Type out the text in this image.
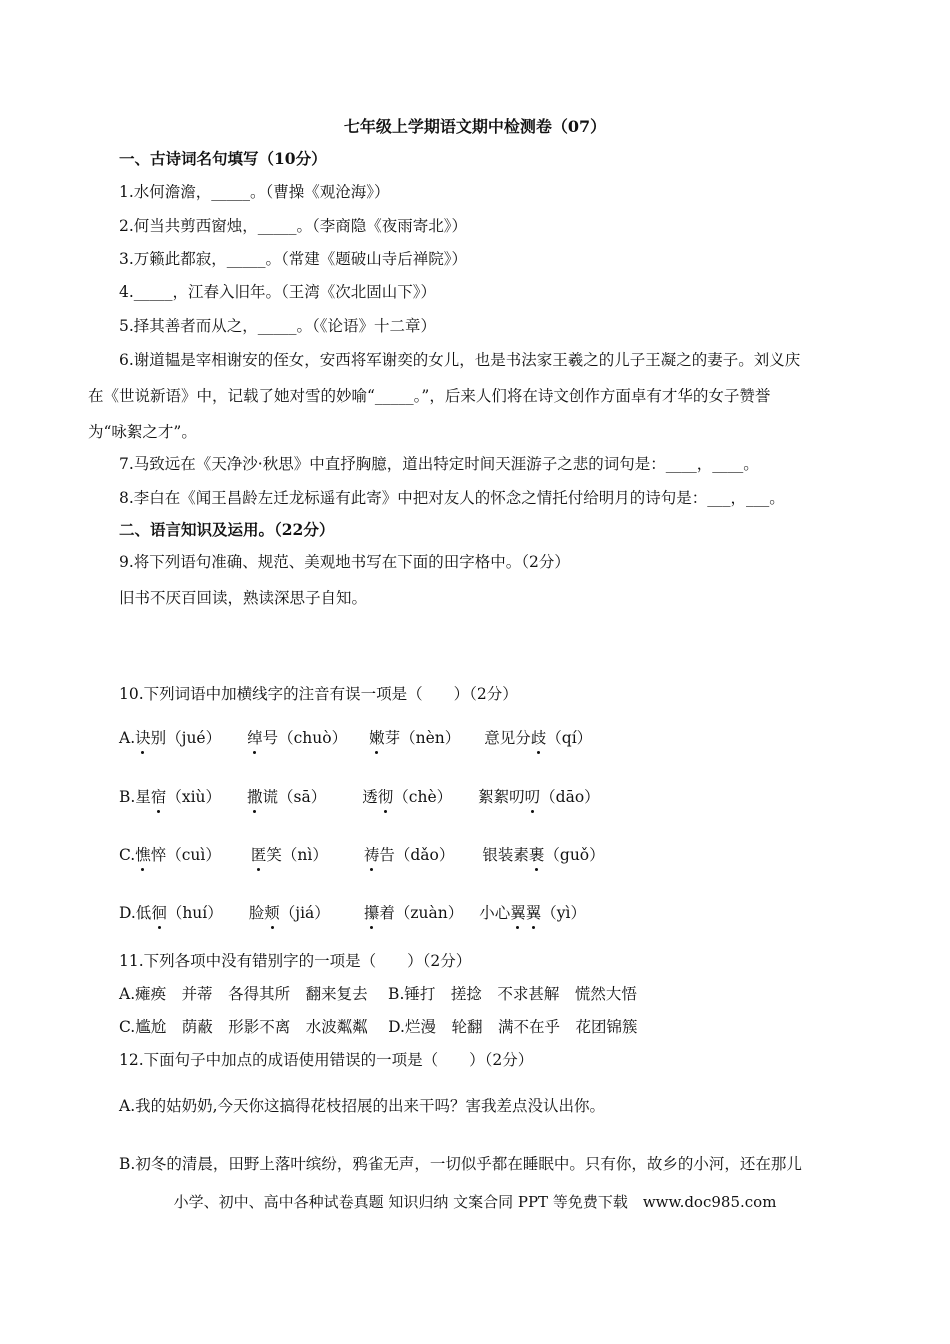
七年级上学期语文期中检测卷（07）
一、古诗词名句填写（10分）
1.水何澹澹，_____。（曹操《观沧海》）
2.何当共剪西窗烛，_____。（李商隐《夜雨寄北》）
3.万籁此都寂，_____。（常建《题破山寺后禅院》）
4._____，江春入旧年。（王湾《次北固山下》）
5.择其善者而从之，_____。（《论语》十二章）
6.谢道韫是宰相谢安的侄女，安西将军谢奕的女儿，也是书法家王羲之的儿子王凝之的妻子。刘义庆
在《世说新语》中，记载了她对雪的妙喻“_____。”，后来人们将在诗文创作方面卓有才华的女子赞誉
为“咏絮之才”。
7.马致远在《天净沙·秋思》中直抒胸臆，道出特定时间天涯游子之悲的词句是：____，____。
8.李白在《闻王昌龄左迁龙标遥有此寄》中把对友人的怀念之情托付给明月的诗句是：___，___。
二、语言知识及运用。（22分）
9.将下列语句准确、规范、美观地书写在下面的田字格中。（2分）
旧书不厌百回读，熟读深思子自知。
10.下列词语中加横线字的注音有误一项是（　　）（2分）
A.诀别（jué） 绰号（chuò） 嫩芽（nèn） 意见分歧（qí）
B.星宿（xiù） 撒谎（sā） 透彻（chè） 絮絮叨叨（dāo）
C.憔悴（cuì） 匿笑（nì） 祷告（dǎo） 银装素裹（guǒ）
D.低徊（huí） 脸颊（jiá） 攥着（zuàn） 小心翼翼（yì）
11.下列各项中没有错别字的一项是（　　）（2分）
A.瘫痪　并蒂　各得其所　翻来复去　 B.锤打　搓捻　不求甚解　慌然大悟
C.尴尬　荫蔽　形影不离　水波粼粼　 D.烂漫　轮翻　满不在乎　花团锦簇
12.下面句子中加点的成语使用错误的一项是（　　）（2分）
A.我的姑奶奶,今天你这搞得花枝招展的出来干吗？害我差点没认出你。
B.初冬的清晨，田野上落叶缤纷，鸦雀无声，一切似乎都在睡眠中。只有你，故乡的小河，还在那儿
小学、初中、高中各种试卷真题 知识归纳 文案合同 PPT 等免费下载　www.doc985.com
